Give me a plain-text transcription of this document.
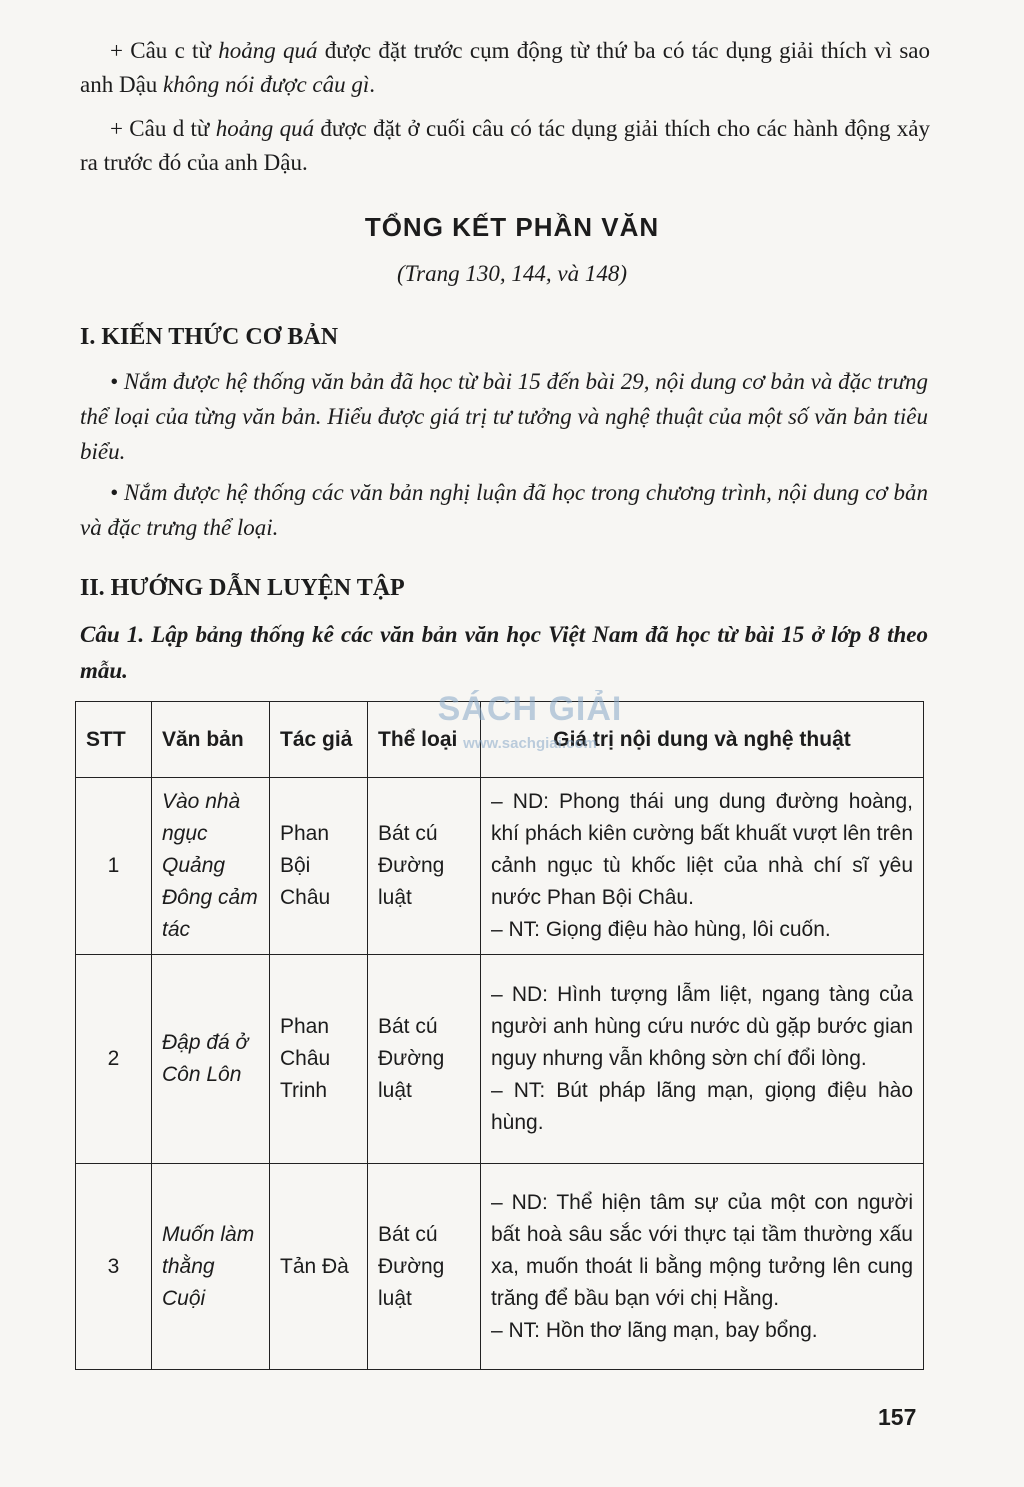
+ Câu c từ hoảng quá được đặt trước cụm động từ thứ ba có tác dụng giải thích vì sao anh Dậu không nói được câu gì.
+ Câu d từ hoảng quá được đặt ở cuối câu có tác dụng giải thích cho các hành động xảy ra trước đó của anh Dậu.
TỔNG KẾT PHẦN VĂN
(Trang 130, 144, và 148)
I. KIẾN THỨC CƠ BẢN
• Nắm được hệ thống văn bản đã học từ bài 15 đến bài 29, nội dung cơ bản và đặc trưng thể loại của từng văn bản. Hiểu được giá trị tư tưởng và nghệ thuật của một số văn bản tiêu biểu.
• Nắm được hệ thống các văn bản nghị luận đã học trong chương trình, nội dung cơ bản và đặc trưng thể loại.
II. HƯỚNG DẪN LUYỆN TẬP
Câu 1. Lập bảng thống kê các văn bản văn học Việt Nam đã học từ bài 15 ở lớp 8 theo mẫu.
STT	Văn bản	Tác giả	Thể loại	Giá trị nội dung và nghệ thuật
1	Vào nhà ngục Quảng Đông cảm tác	Phan Bội Châu	Bát cú Đường luật	– ND: Phong thái ung dung đường hoàng, khí phách kiên cường bất khuất vượt lên trên cảnh ngục tù khốc liệt của nhà chí sĩ yêu nước Phan Bội Châu.
– NT: Giọng điệu hào hùng, lôi cuốn.

2	Đập đá ở Côn Lôn	Phan Châu Trinh	Bát cú Đường luật	– ND: Hình tượng lẫm liệt, ngang tàng của người anh hùng cứu nước dù gặp bước gian nguy nhưng vẫn không sờn chí đổi lòng.
– NT: Bút pháp lãng mạn, giọng điệu hào hùng.

3	Muốn làm thằng Cuội	Tản Đà	Bát cú Đường luật	– ND: Thể hiện tâm sự của một con người bất hoà sâu sắc với thực tại tầm thường xấu xa, muốn thoát li bằng mộng tưởng lên cung trăng để bầu bạn với chị Hằng.
– NT: Hồn thơ lãng mạn, bay bổng.
SÁCH GIẢI
www.sachgiai.com
157
